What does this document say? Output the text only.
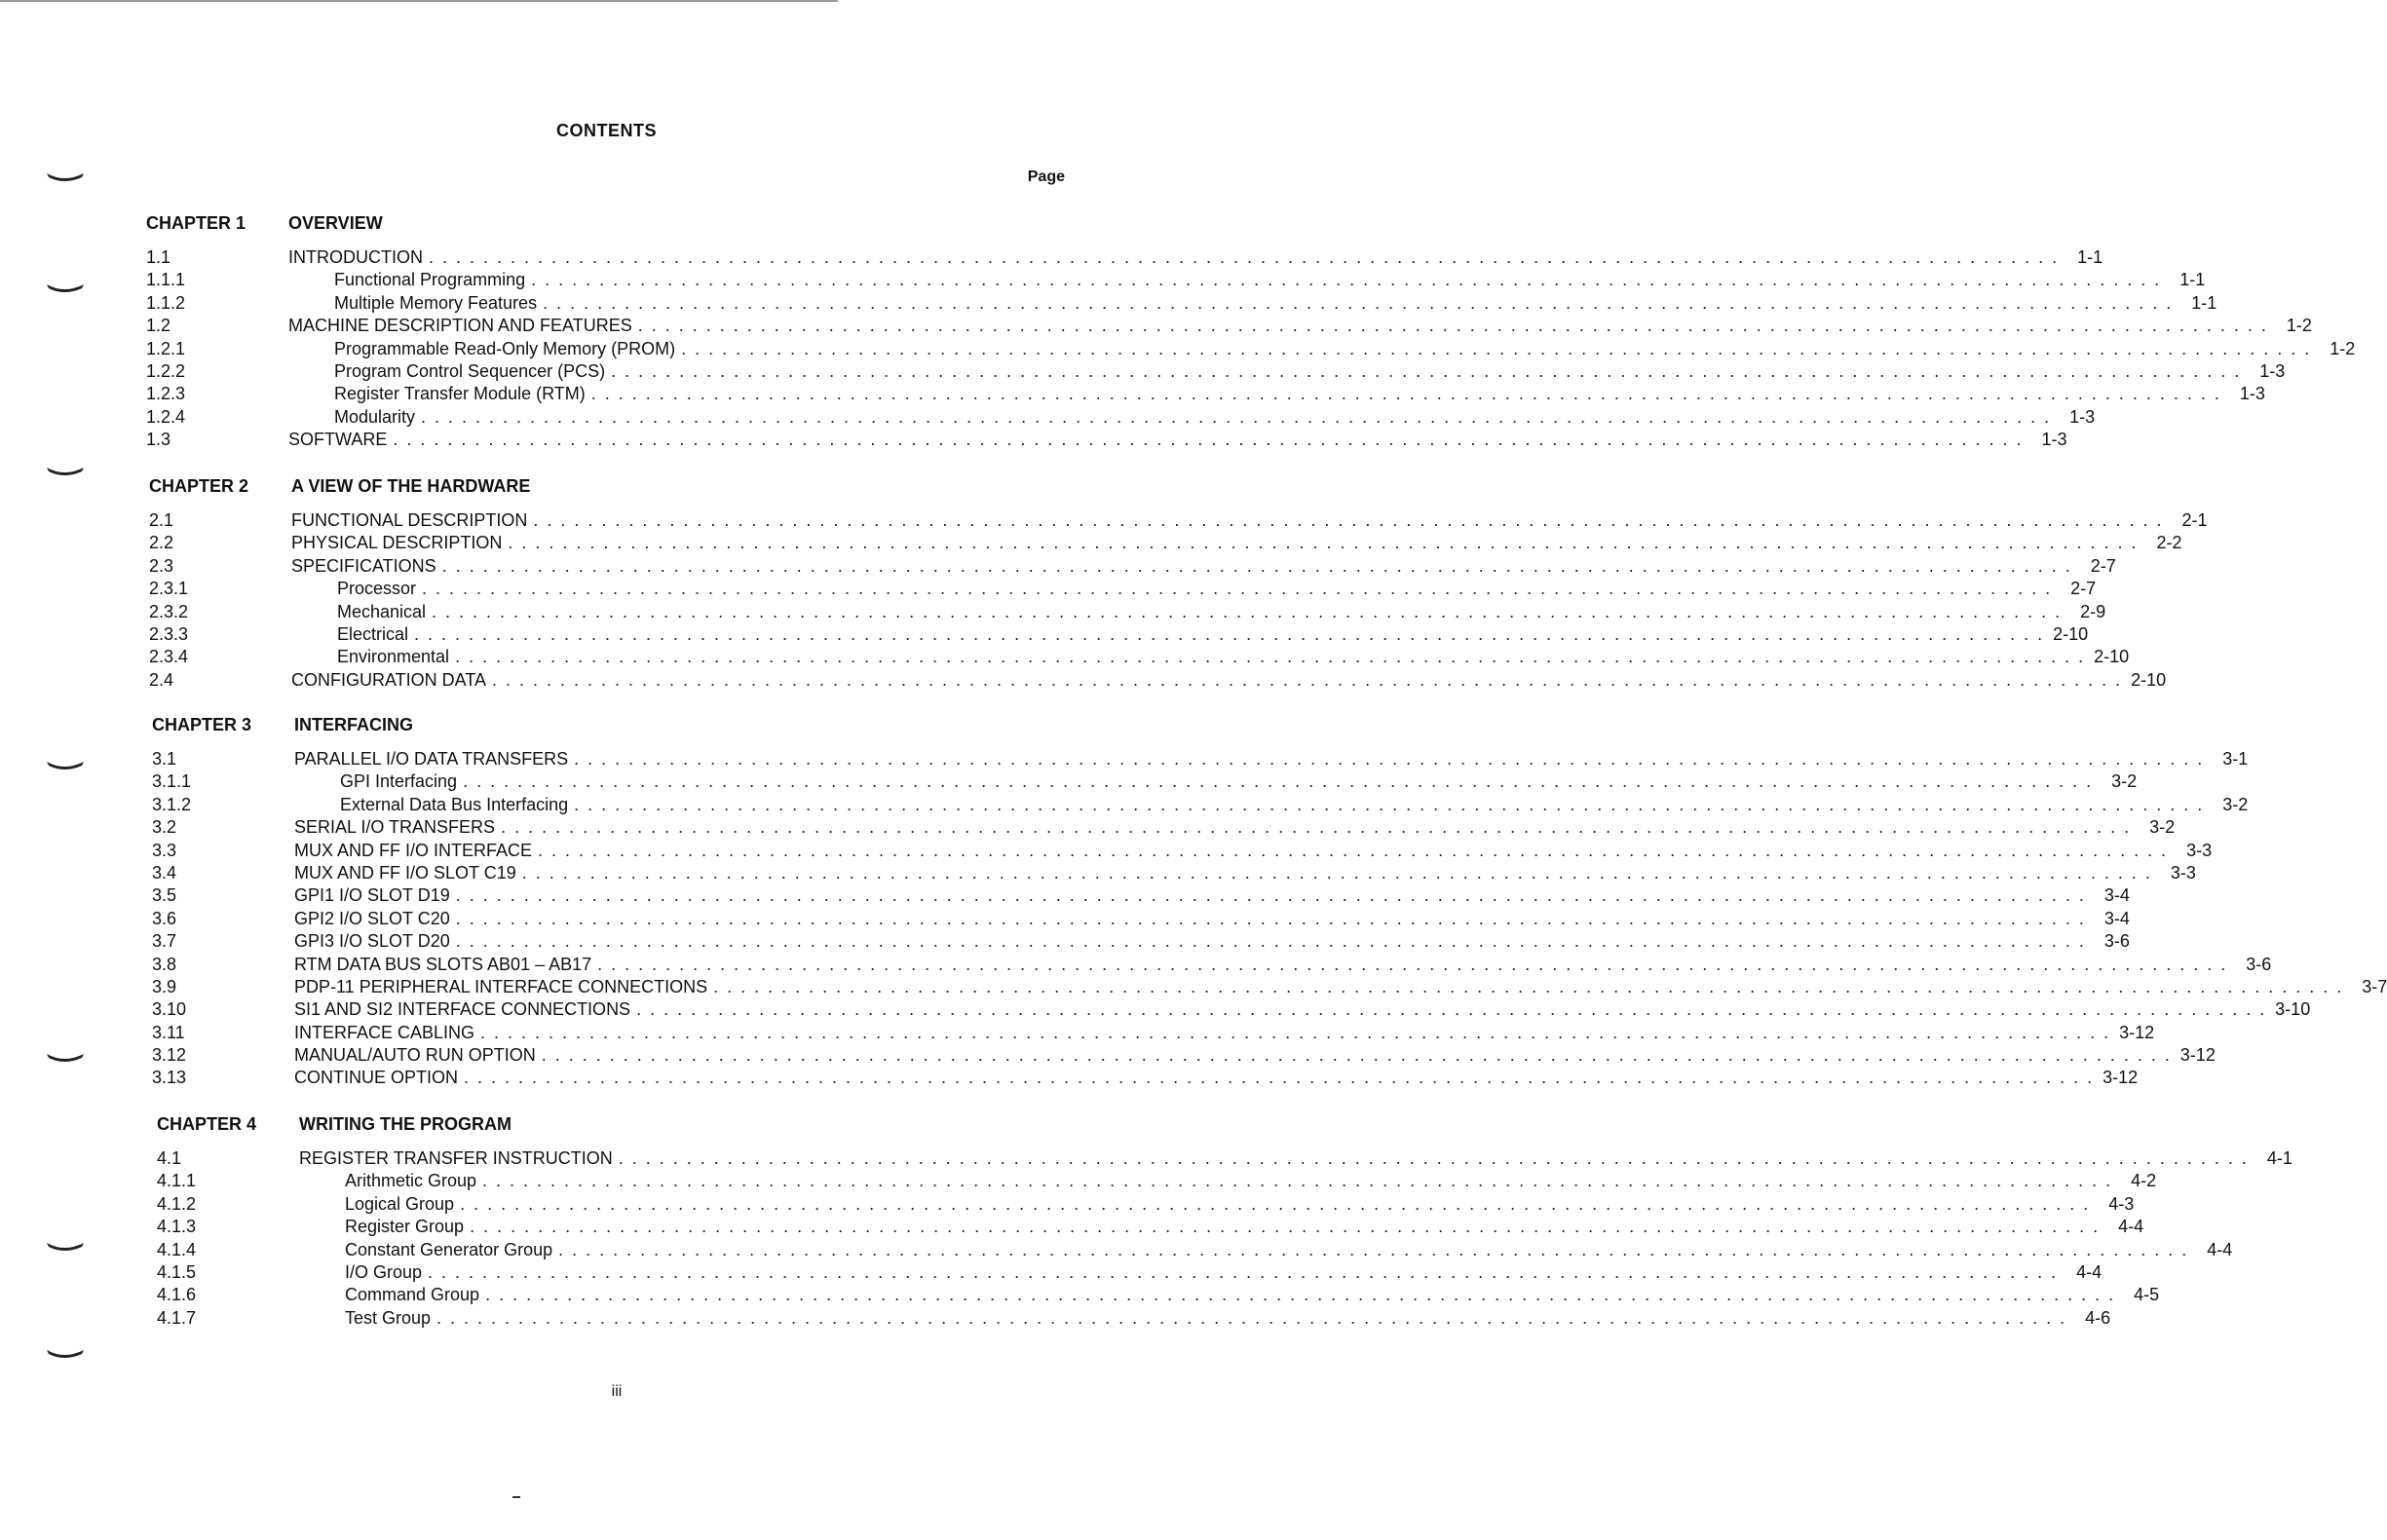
CONTENTS
Page
CHAPTER 1	OVERVIEW
1.1	INTRODUCTION ........................................................................................................................ 1-1
1.1.1	Functional Programming ........................................................................................................................ 1-1
1.1.2	Multiple Memory Features ........................................................................................................................ 1-1
1.2	MACHINE DESCRIPTION AND FEATURES ........................................................................................................................ 1-2
1.2.1	Programmable Read-Only Memory (PROM) ........................................................................................................................ 1-2
1.2.2	Program Control Sequencer (PCS) ........................................................................................................................ 1-3
1.2.3	Register Transfer Module (RTM) ........................................................................................................................ 1-3
1.2.4	Modularity ........................................................................................................................ 1-3
1.3	SOFTWARE ........................................................................................................................ 1-3
CHAPTER 2	A VIEW OF THE HARDWARE
2.1	FUNCTIONAL DESCRIPTION ........................................................................................................................ 2-1
2.2	PHYSICAL DESCRIPTION ........................................................................................................................ 2-2
2.3	SPECIFICATIONS ........................................................................................................................ 2-7
2.3.1	Processor ........................................................................................................................ 2-7
2.3.2	Mechanical ........................................................................................................................ 2-9
2.3.3	Electrical ........................................................................................................................ 2-10
2.3.4	Environmental ........................................................................................................................ 2-10
2.4	CONFIGURATION DATA ........................................................................................................................ 2-10
CHAPTER 3	INTERFACING
3.1	PARALLEL I/O DATA TRANSFERS ........................................................................................................................ 3-1
3.1.1	GPI Interfacing ........................................................................................................................ 3-2
3.1.2	External Data Bus Interfacing ........................................................................................................................ 3-2
3.2	SERIAL I/O TRANSFERS ........................................................................................................................ 3-2
3.3	MUX AND FF I/O INTERFACE ........................................................................................................................ 3-3
3.4	MUX AND FF I/O SLOT C19 ........................................................................................................................ 3-3
3.5	GPI1 I/O SLOT D19 ........................................................................................................................ 3-4
3.6	GPI2 I/O SLOT C20 ........................................................................................................................ 3-4
3.7	GPI3 I/O SLOT D20 ........................................................................................................................ 3-6
3.8	RTM DATA BUS SLOTS AB01 – AB17 ........................................................................................................................ 3-6
3.9	PDP-11 PERIPHERAL INTERFACE CONNECTIONS ........................................................................................................................ 3-7
3.10	SI1 AND SI2 INTERFACE CONNECTIONS ........................................................................................................................ 3-10
3.11	INTERFACE CABLING ........................................................................................................................ 3-12
3.12	MANUAL/AUTO RUN OPTION ........................................................................................................................ 3-12
3.13	CONTINUE OPTION ........................................................................................................................ 3-12
CHAPTER 4	WRITING THE PROGRAM
4.1	REGISTER TRANSFER INSTRUCTION ........................................................................................................................ 4-1
4.1.1	Arithmetic Group ........................................................................................................................ 4-2
4.1.2	Logical Group ........................................................................................................................ 4-3
4.1.3	Register Group ........................................................................................................................ 4-4
4.1.4	Constant Generator Group ........................................................................................................................ 4-4
4.1.5	I/O Group ........................................................................................................................ 4-4
4.1.6	Command Group ........................................................................................................................ 4-5
4.1.7	Test Group ........................................................................................................................ 4-6
iii
